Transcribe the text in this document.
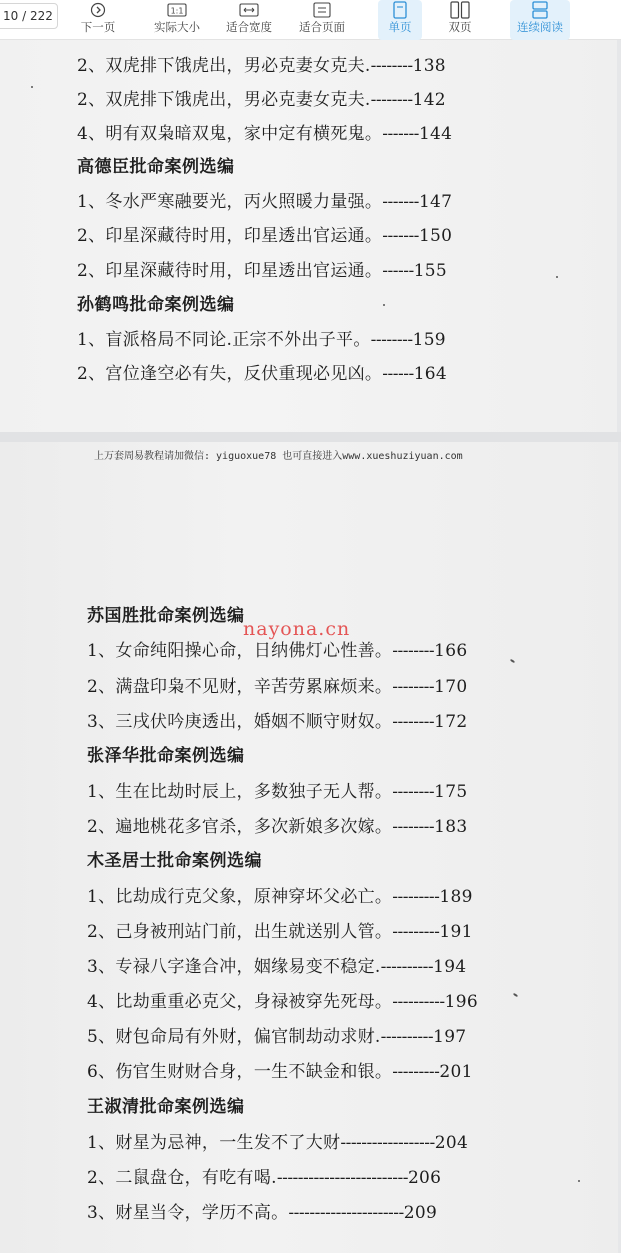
10 / 222
下一页
1:1
实际大小	适合宽度	适合页面	单页	双页	连续阅读
2、双虎排下饿虎出，男必克妻女克夫.--------138
2、双虎排下饿虎出，男必克妻女克夫.--------142
4、明有双枭暗双鬼，家中定有横死鬼。-------144
高德臣批命案例选编
1、冬水严寒融要光，丙火照暖力量强。-------147
2、印星深藏待时用，印星透出官运通。-------150
2、印星深藏待时用，印星透出官运通。------155
孙鹤鸣批命案例选编
1、盲派格局不同论.正宗不外出子平。--------159
2、宫位逢空必有失，反伏重现必见凶。------164
上万套周易教程请加微信: yiguoxue78 也可直接进入www.xueshuziyuan.com
nayona.cn
苏国胜批命案例选编
1、女命纯阳操心命，日纳佛灯心性善。--------166
2、满盘印枭不见财，辛苦劳累麻烦来。--------170
3、三戌伏吟庚透出，婚姻不顺守财奴。--------172
张泽华批命案例选编
1、生在比劫时辰上，多数独子无人帮。--------175
2、遍地桃花多官杀，多次新娘多次嫁。--------183
木圣居士批命案例选编
1、比劫成行克父象，原神穿坏父必亡。---------189
2、己身被刑站门前，出生就送别人管。---------191
3、专禄八字逢合冲，姻缘易变不稳定.----------194
4、比劫重重必克父，身禄被穿先死母。----------196
5、财包命局有外财，偏官制劫动求财.----------197
6、伤官生财财合身，一生不缺金和银。---------201
王淑清批命案例选编
1、财星为忌神，一生发不了大财------------------204
2、二鼠盘仓，有吃有喝.-------------------------206
3、财星当令，学历不高。----------------------209
